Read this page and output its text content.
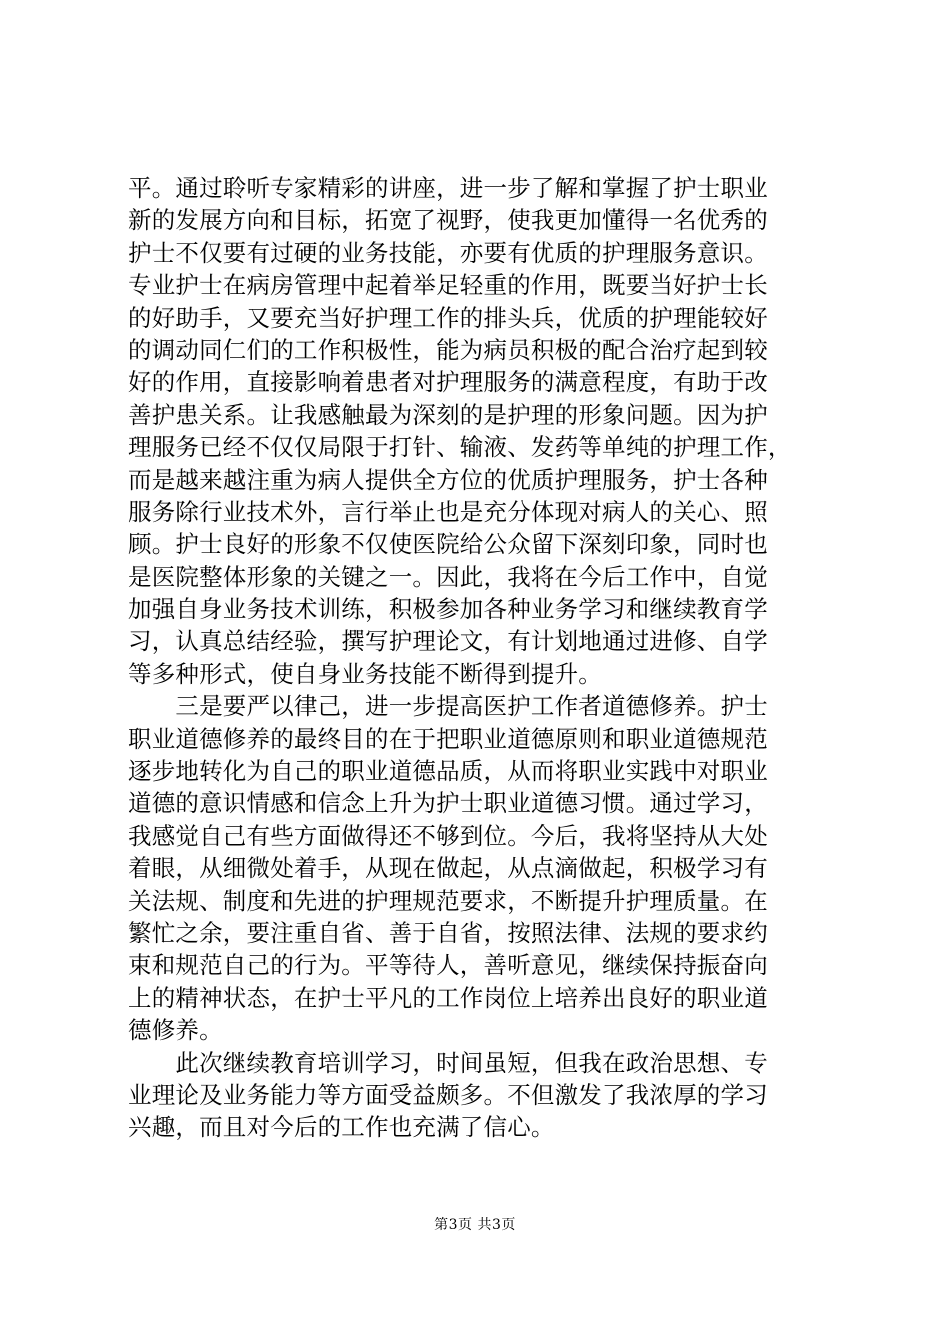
平。通过聆听专家精彩的讲座，进一步了解和掌握了护士职业
新的发展方向和目标，拓宽了视野，使我更加懂得一名优秀的
护士不仅要有过硬的业务技能，亦要有优质的护理服务意识。
专业护士在病房管理中起着举足轻重的作用，既要当好护士长
的好助手，又要充当好护理工作的排头兵，优质的护理能较好
的调动同仁们的工作积极性，能为病员积极的配合治疗起到较
好的作用，直接影响着患者对护理服务的满意程度，有助于改
善护患关系。让我感触最为深刻的是护理的形象问题。因为护
理服务已经不仅仅局限于打针、输液、发药等单纯的护理工作，
而是越来越注重为病人提供全方位的优质护理服务，护士各种
服务除行业技术外，言行举止也是充分体现对病人的关心、照
顾。护士良好的形象不仅使医院给公众留下深刻印象，同时也
是医院整体形象的关键之一。因此，我将在今后工作中，自觉
加强自身业务技术训练，积极参加各种业务学习和继续教育学
习，认真总结经验，撰写护理论文，有计划地通过进修、自学
等多种形式，使自身业务技能不断得到提升。
　　三是要严以律己，进一步提高医护工作者道德修养。护士
职业道德修养的最终目的在于把职业道德原则和职业道德规范
逐步地转化为自己的职业道德品质，从而将职业实践中对职业
道德的意识情感和信念上升为护士职业道德习惯。通过学习，
我感觉自己有些方面做得还不够到位。今后，我将坚持从大处
着眼，从细微处着手，从现在做起，从点滴做起，积极学习有
关法规、制度和先进的护理规范要求，不断提升护理质量。在
繁忙之余，要注重自省、善于自省，按照法律、法规的要求约
束和规范自己的行为。平等待人，善听意见，继续保持振奋向
上的精神状态，在护士平凡的工作岗位上培养出良好的职业道
德修养。
　　此次继续教育培训学习，时间虽短，但我在政治思想、专
业理论及业务能力等方面受益颇多。不但激发了我浓厚的学习
兴趣，而且对今后的工作也充满了信心。
第3页 共3页
